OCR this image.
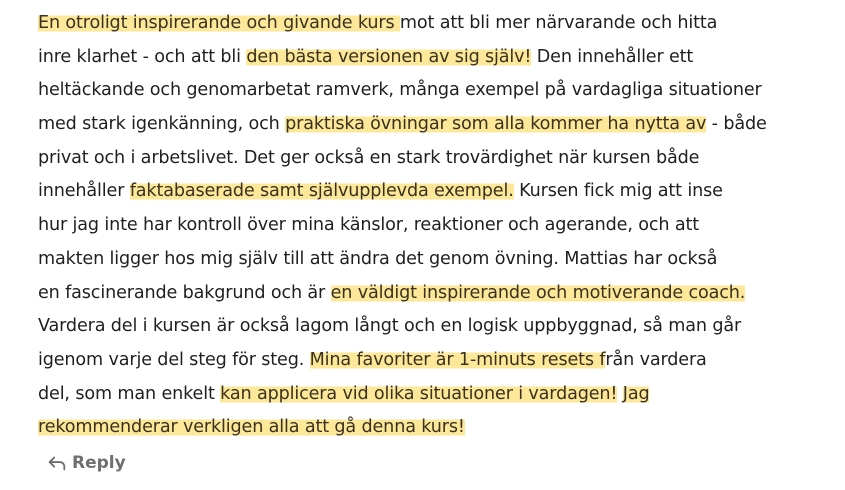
En otroligt inspirerande och givande kurs mot att bli mer närvarande och hitta
inre klarhet - och att bli den bästa versionen av sig själv! Den innehåller ett
heltäckande och genomarbetat ramverk, många exempel på vardagliga situationer
med stark igenkänning, och praktiska övningar som alla kommer ha nytta av - både
privat och i arbetslivet. Det ger också en stark trovärdighet när kursen både
innehåller faktabaserade samt självupplevda exempel. Kursen fick mig att inse
hur jag inte har kontroll över mina känslor, reaktioner och agerande, och att
makten ligger hos mig själv till att ändra det genom övning. Mattias har också
en fascinerande bakgrund och är en väldigt inspirerande och motiverande coach.
Vardera del i kursen är också lagom långt och en logisk uppbyggnad, så man går
igenom varje del steg för steg. Mina favoriter är 1-minuts resets från vardera
del, som man enkelt kan applicera vid olika situationer i vardagen! Jag
rekommenderar verkligen alla att gå denna kurs!
Reply
